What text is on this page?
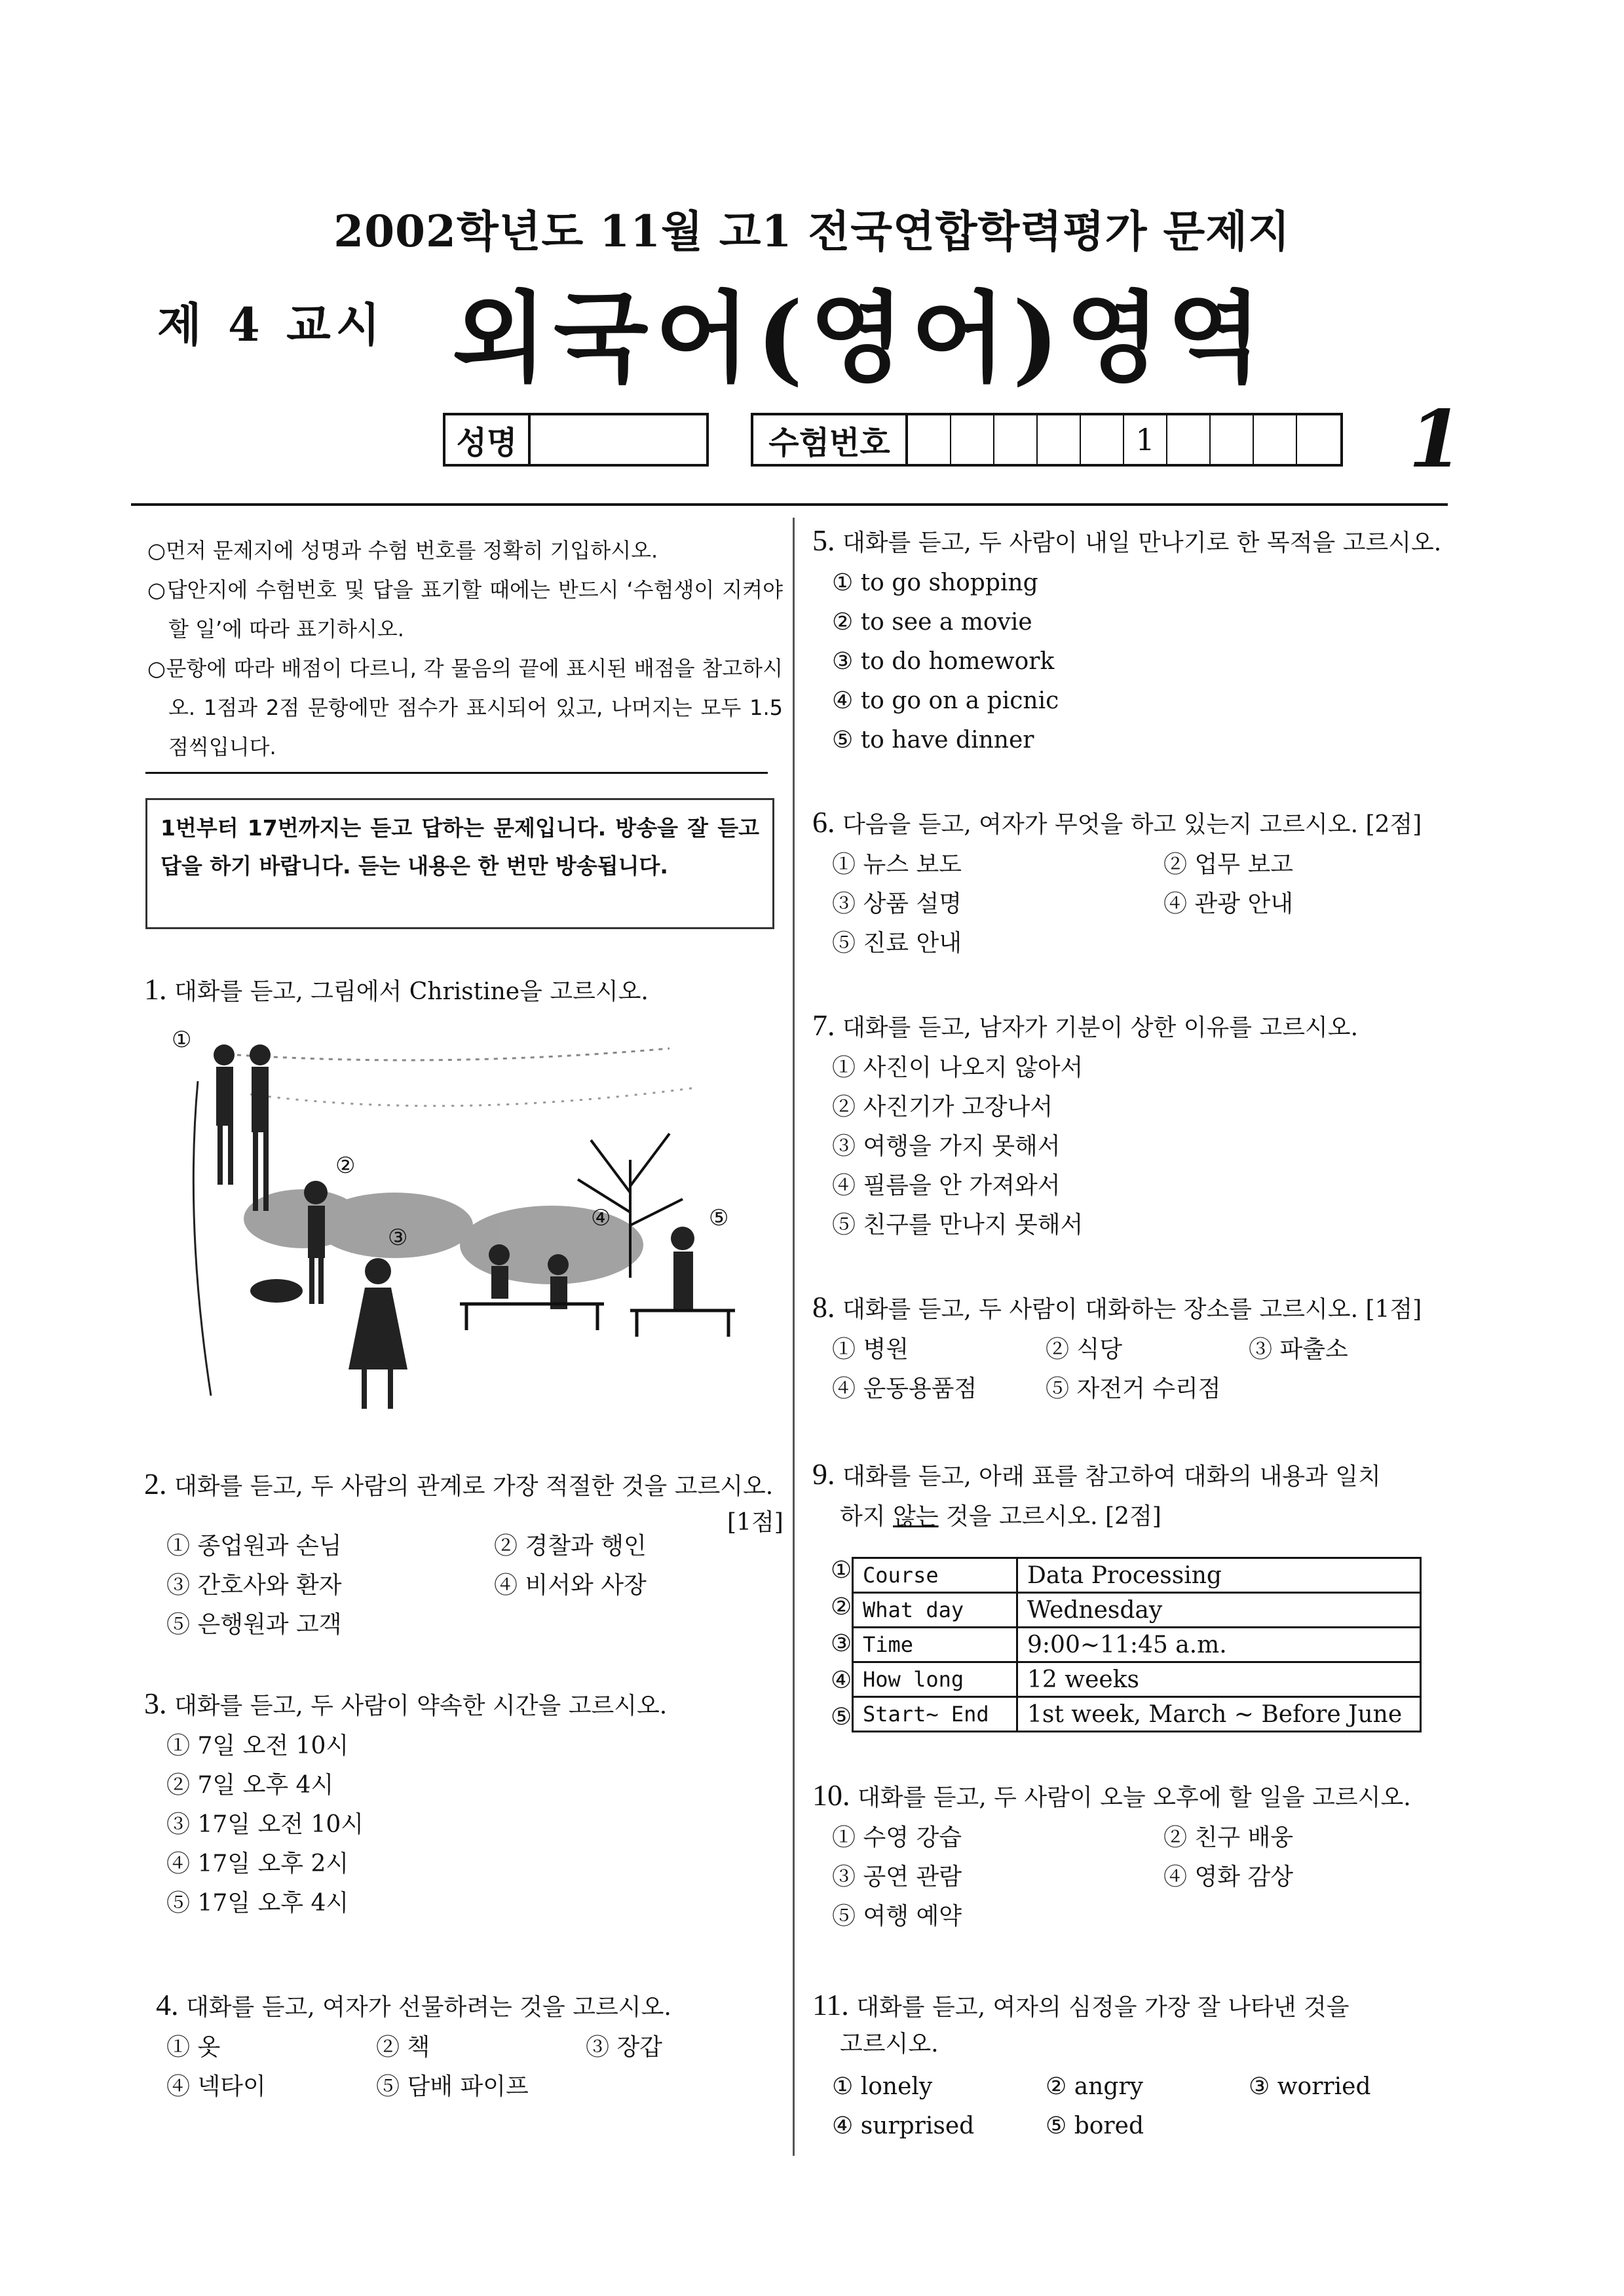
2002학년도 11월 고1 전국연합학력평가 문제지
제 4 교시 외국어(영어)영역
성명	수험번호	1	1

○먼저 문제지에 성명과 수험 번호를 정확히 기입하시오.

○답안지에 수험번호 및 답을 표기할 때에는 반드시 ‘수험생이 지켜야 할 일’에 따라 표기하시오.

○문항에 따라 배점이 다르니, 각 물음의 끝에 표시된 배점을 참고하시오. 1점과 2점 문항에만 점수가 표시되어 있고, 나머지는 모두 1.5점씩입니다.

1번부터 17번까지는 듣고 답하는 문제입니다. 방송을 잘 듣고 답을 하기 바랍니다. 듣는 내용은 한 번만 방송됩니다.
1. 대화를 듣고, 그림에서 Christine을 고르시오.
①
②
③
④	⑤
2. 대화를 듣고, 두 사람의 관계로 가장 적절한 것을 고르시오.
[1점]
① 종업원과 손님	② 경찰과 행인
③ 간호사와 환자	④ 비서와 사장
⑤ 은행원과 고객
3. 대화를 듣고, 두 사람이 약속한 시간을 고르시오.
① 7일 오전 10시
② 7일 오후 4시
③ 17일 오전 10시
④ 17일 오후 2시
⑤ 17일 오후 4시
4. 대화를 듣고, 여자가 선물하려는 것을 고르시오.
① 옷	② 책	③ 장갑
④ 넥타이	⑤ 담배 파이프
5. 대화를 듣고, 두 사람이 내일 만나기로 한 목적을 고르시오.
① to go shopping
② to see a movie
③ to do homework
④ to go on a picnic
⑤ to have dinner
6. 다음을 듣고, 여자가 무엇을 하고 있는지 고르시오. [2점]
① 뉴스 보도	② 업무 보고
③ 상품 설명	④ 관광 안내
⑤ 진료 안내
7. 대화를 듣고, 남자가 기분이 상한 이유를 고르시오.
① 사진이 나오지 않아서
② 사진기가 고장나서
③ 여행을 가지 못해서
④ 필름을 안 가져와서
⑤ 친구를 만나지 못해서
8. 대화를 듣고, 두 사람이 대화하는 장소를 고르시오. [1점]
① 병원	② 식당	③ 파출소
④ 운동용품점	⑤ 자전거 수리점
9. 대화를 듣고, 아래 표를 참고하여 대화의 내용과 일치
하지 않는 것을 고르시오. [2점]
①
②
③
④
⑤
Course	Data Processing
What day	Wednesday
Time	9:00~11:45 a.m.
How long	12 weeks
Start~ End	1st week, March ~ Before June
10. 대화를 듣고, 두 사람이 오늘 오후에 할 일을 고르시오.
① 수영 강습	② 친구 배웅
③ 공연 관람	④ 영화 감상
⑤ 여행 예약
11. 대화를 듣고, 여자의 심정을 가장 잘 나타낸 것을
고르시오.
① lonely	② angry	③ worried
④ surprised	⑤ bored
